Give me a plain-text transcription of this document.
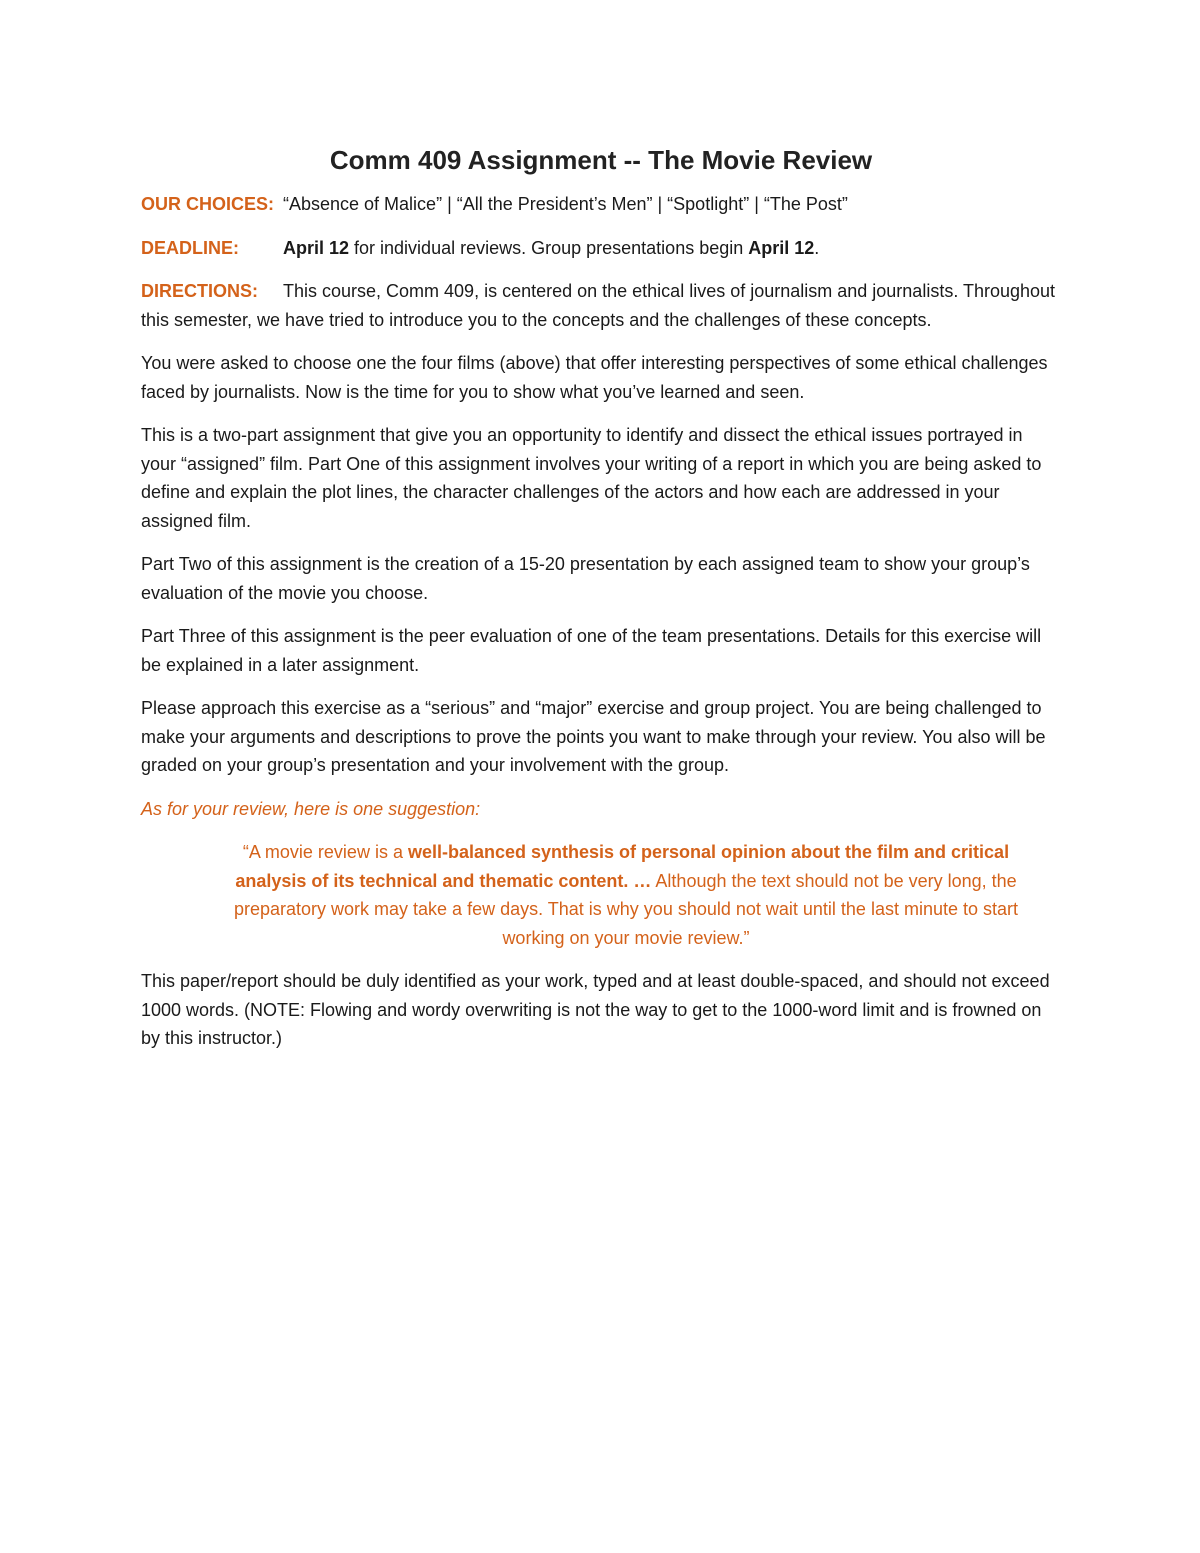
Comm 409 Assignment -- The Movie Review
OUR CHOICES: “Absence of Malice” | “All the President’s Men” | “Spotlight” | “The Post”
DEADLINE: April 12 for individual reviews. Group presentations begin April 12.
DIRECTIONS: This course, Comm 409, is centered on the ethical lives of journalism and journalists. Throughout this semester, we have tried to introduce you to the concepts and the challenges of these concepts.

You were asked to choose one the four films (above) that offer interesting perspectives of some ethical challenges faced by journalists. Now is the time for you to show what you’ve learned and seen.

This is a two-part assignment that give you an opportunity to identify and dissect the ethical issues portrayed in your “assigned” film. Part One of this assignment involves your writing of a report in which you are being asked to define and explain the plot lines, the character challenges of the actors and how each are addressed in your assigned film.

Part Two of this assignment is the creation of a 15-20 presentation by each assigned team to show your group’s evaluation of the movie you choose.

Part Three of this assignment is the peer evaluation of one of the team presentations. Details for this exercise will be explained in a later assignment.

Please approach this exercise as a “serious” and “major” exercise and group project. You are being challenged to make your arguments and descriptions to prove the points you want to make through your review. You also will be graded on your group’s presentation and your involvement with the group.

As for your review, here is one suggestion:

“A movie review is a well-balanced synthesis of personal opinion about the film and critical analysis of its technical and thematic content. … Although the text should not be very long, the preparatory work may take a few days. That is why you should not wait until the last minute to start working on your movie review.”

This paper/report should be duly identified as your work, typed and at least double-spaced, and should not exceed 1000 words. (NOTE: Flowing and wordy overwriting is not the way to get to the 1000-word limit and is frowned on by this instructor.)
